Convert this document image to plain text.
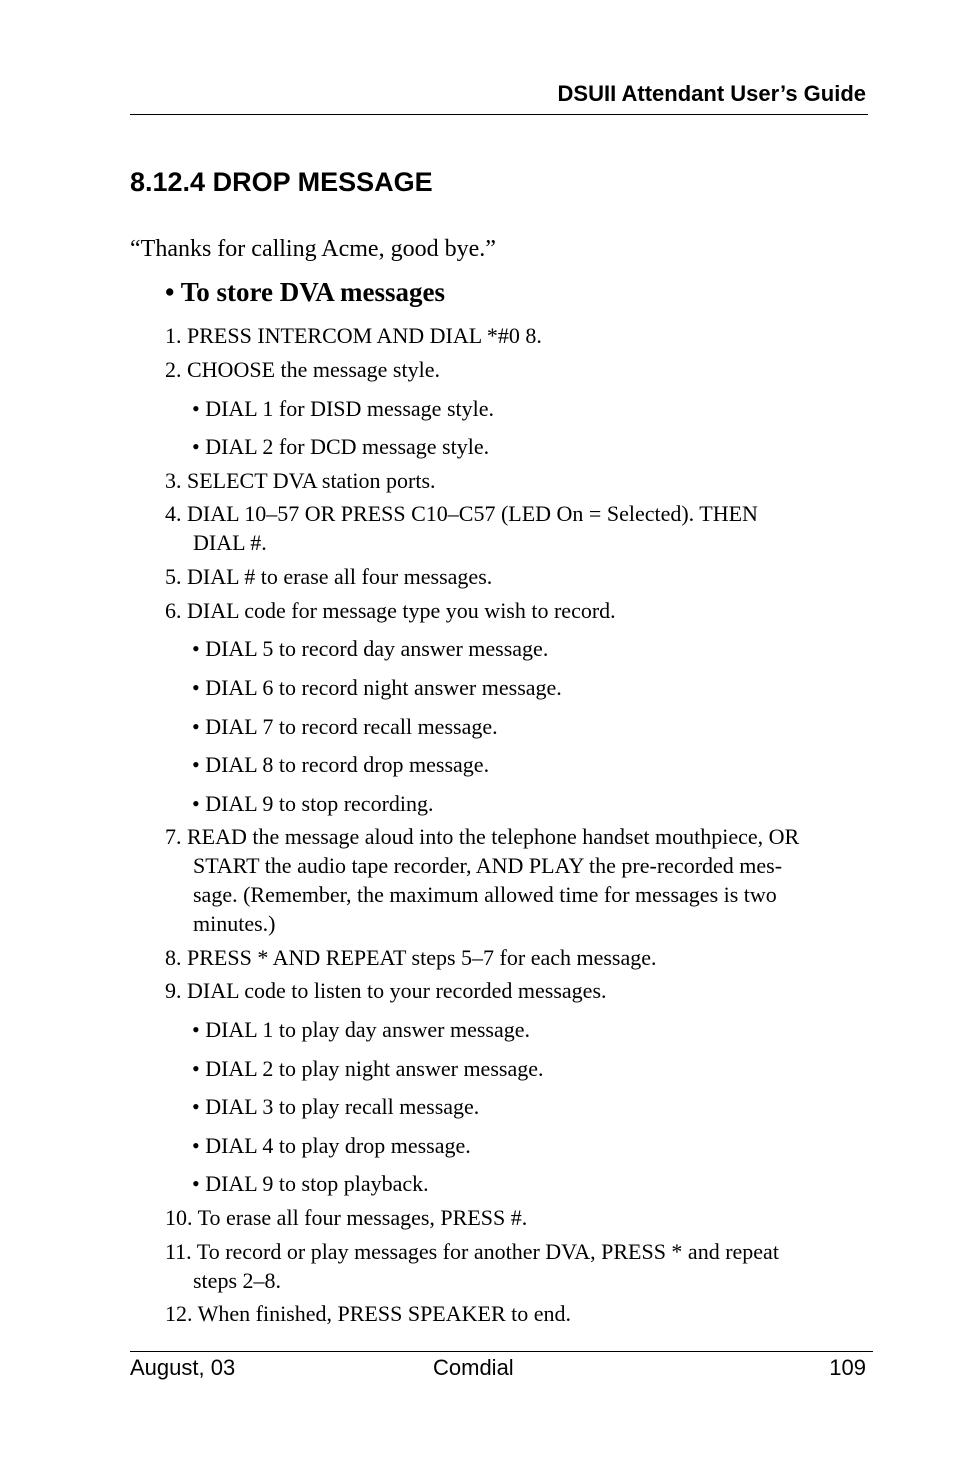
DSUII Attendant User’s Guide
8.12.4 DROP MESSAGE
“Thanks for calling Acme, good bye.”
• To store DVA messages
1. PRESS INTERCOM AND DIAL *#0 8.
2. CHOOSE the message style.
• DIAL 1 for DISD message style.
• DIAL 2 for DCD message style.
3. SELECT DVA station ports.
4. DIAL 10–57 OR PRESS C10–C57 (LED On = Selected). THEN
DIAL #.
5. DIAL # to erase all four messages.
6. DIAL code for message type you wish to record.
• DIAL 5 to record day answer message.
• DIAL 6 to record night answer message.
• DIAL 7 to record recall message.
• DIAL 8 to record drop message.
• DIAL 9 to stop recording.
7. READ the message aloud into the telephone handset mouthpiece, OR
START the audio tape recorder, AND PLAY the pre-recorded mes-
sage. (Remember, the maximum allowed time for messages is two
minutes.)
8. PRESS * AND REPEAT steps 5–7 for each message.
9. DIAL code to listen to your recorded messages.
• DIAL 1 to play day answer message.
• DIAL 2 to play night answer message.
• DIAL 3 to play recall message.
• DIAL 4 to play drop message.
• DIAL 9 to stop playback.
10. To erase all four messages, PRESS #.
11. To record or play messages for another DVA, PRESS * and repeat
steps 2–8.
12. When finished, PRESS SPEAKER to end.
August, 03	Comdial	109
